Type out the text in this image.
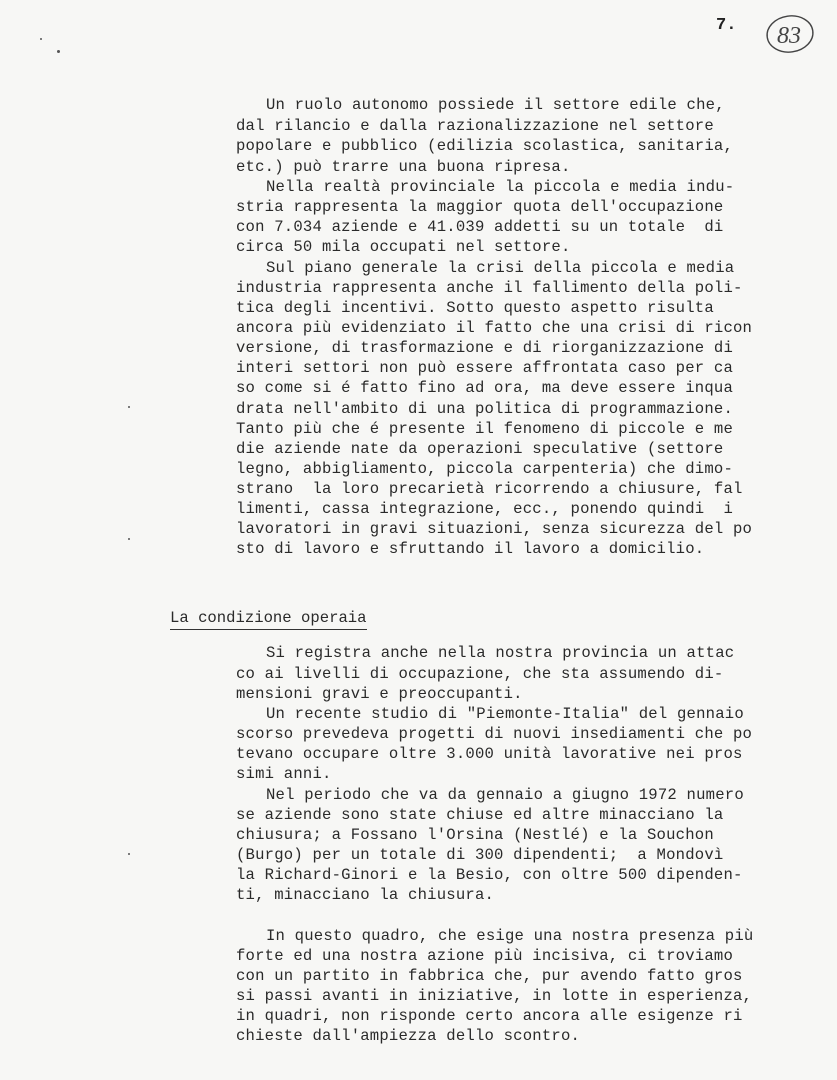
7. 83
Un ruolo autonomo possiede il settore edile che,
dal rilancio e dalla razionalizzazione nel settore
popolare e pubblico (edilizia scolastica, sanitaria,
etc.) può trarre una buona ripresa.
Nella realtà provinciale la piccola e media indu-
stria rappresenta la maggior quota dell'occupazione
con 7.034 aziende e 41.039 addetti su un totale  di
circa 50 mila occupati nel settore.
Sul piano generale la crisi della piccola e media
industria rappresenta anche il fallimento della poli-
tica degli incentivi. Sotto questo aspetto risulta
ancora più evidenziato il fatto che una crisi di ricon
versione, di trasformazione e di riorganizzazione di
interi settori non può essere affrontata caso per ca
so come si é fatto fino ad ora, ma deve essere inqua
drata nell'ambito di una politica di programmazione.
Tanto più che é presente il fenomeno di piccole e me
die aziende nate da operazioni speculative (settore
legno, abbigliamento, piccola carpenteria) che dimo-
strano  la loro precarietà ricorrendo a chiusure, fal
limenti, cassa integrazione, ecc., ponendo quindi  i
lavoratori in gravi situazioni, senza sicurezza del po
sto di lavoro e sfruttando il lavoro a domicilio.
La condizione operaia
Si registra anche nella nostra provincia un attac
co ai livelli di occupazione, che sta assumendo di-
mensioni gravi e preoccupanti.
Un recente studio di "Piemonte-Italia" del gennaio
scorso prevedeva progetti di nuovi insediamenti che po
tevano occupare oltre 3.000 unità lavorative nei pros
simi anni.
Nel periodo che va da gennaio a giugno 1972 numero
se aziende sono state chiuse ed altre minacciano la
chiusura; a Fossano l'Orsina (Nestlé) e la Souchon
(Burgo) per un totale di 300 dipendenti;  a Mondovì
la Richard-Ginori e la Besio, con oltre 500 dipenden-
ti, minacciano la chiusura.
In questo quadro, che esige una nostra presenza più
forte ed una nostra azione più incisiva, ci troviamo
con un partito in fabbrica che, pur avendo fatto gros
si passi avanti in iniziative, in lotte in esperienza,
in quadri, non risponde certo ancora alle esigenze ri
chieste dall'ampiezza dello scontro.
